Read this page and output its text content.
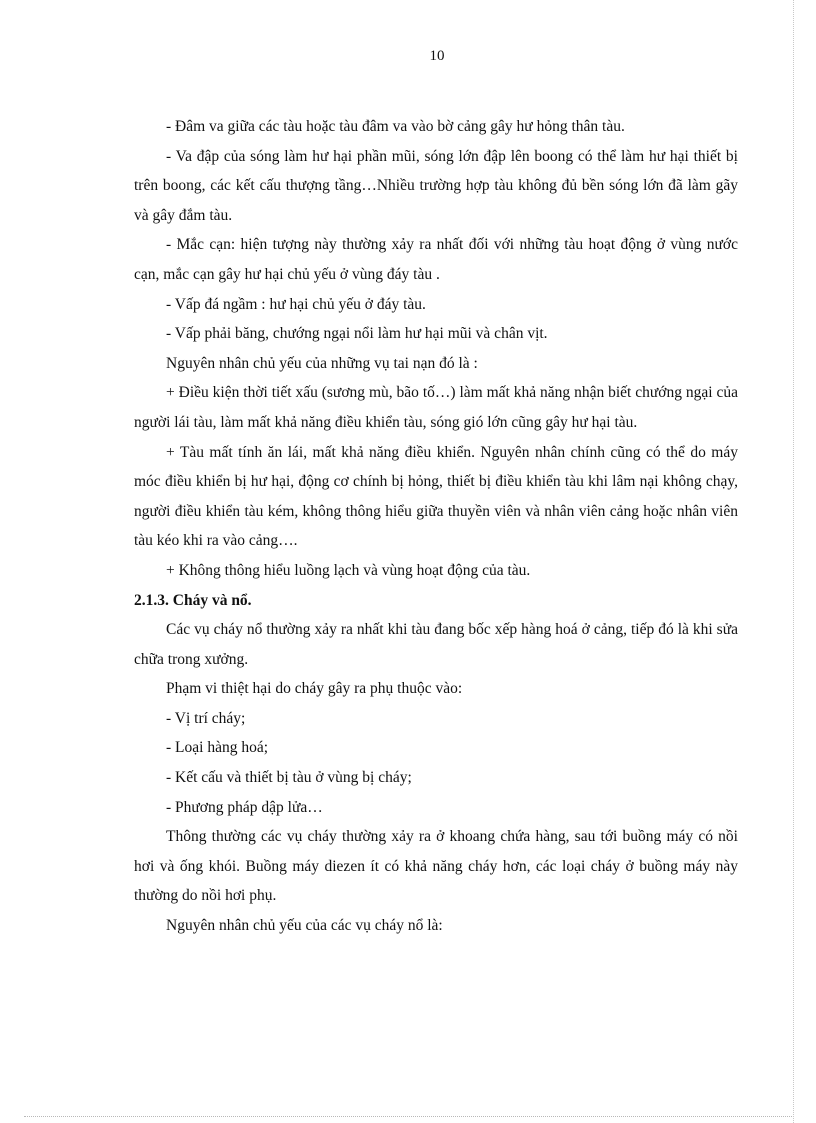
10

- Đâm va giữa các tàu hoặc tàu đâm va vào bờ cảng gây hư hỏng thân tàu.

- Va đập của sóng làm hư hại phần mũi, sóng lớn đập lên boong có thể làm hư hại thiết bị trên boong, các kết cấu thượng tầng…Nhiều trường hợp tàu không đủ bền sóng lớn đã làm gãy và gây đắm tàu.

- Mắc cạn: hiện tượng này thường xảy ra nhất đối với những tàu hoạt động ở vùng nước cạn, mắc cạn gây hư hại chủ yếu ở vùng đáy tàu .

- Vấp đá ngầm : hư hại chủ yếu ở đáy tàu.

- Vấp phải băng, chướng ngại nổi làm hư hại mũi và chân vịt.

Nguyên nhân chủ yếu của những vụ tai nạn đó là :

+ Điều kiện thời tiết xấu (sương mù, bão tố…) làm mất khả năng nhận biết chướng ngại của người lái tàu, làm mất khả năng điều khiển tàu, sóng gió lớn cũng gây hư hại tàu.

+ Tàu mất tính ăn lái, mất khả năng điều khiển. Nguyên nhân chính cũng có thể do máy móc điều khiển bị hư hại, động cơ chính bị hỏng, thiết bị điều khiển tàu khi lâm nại không chạy, người điều khiển tàu kém, không thông hiểu giữa thuyền viên và nhân viên cảng hoặc nhân viên tàu kéo khi ra vào cảng….

+ Không thông hiểu luồng lạch và vùng hoạt động của tàu.

2.1.3. Cháy và nổ.

Các vụ cháy nổ thường xảy ra nhất khi tàu đang bốc xếp hàng hoá ở cảng, tiếp đó là khi sửa chữa trong xưởng.

Phạm vi thiệt hại do cháy gây ra phụ thuộc vào:

- Vị trí cháy;

- Loại hàng hoá;

- Kết cấu và thiết bị tàu ở vùng bị cháy;

- Phương pháp dập lửa…

Thông thường các vụ cháy thường xảy ra ở khoang chứa hàng, sau tới buồng máy có nồi hơi và ống khói. Buồng máy diezen ít có khả năng cháy hơn, các loại cháy ở buồng máy này thường do nồi hơi phụ.

Nguyên nhân chủ yếu của các vụ cháy nổ là:
